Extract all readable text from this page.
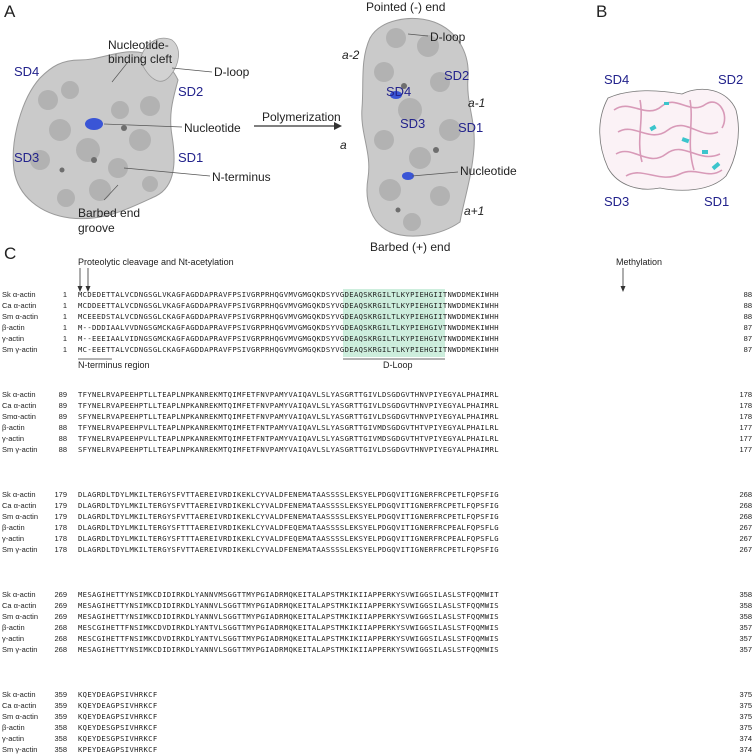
A
SD4
SD2
SD3	SD1
Nucleotide-
binding cleft
D-loop
Nucleotide
N-terminus
Barbed end
groove
Polymerization
Pointed (-) end
D-loop
a-2
SD2
SD4
a-1
SD3	SD1
a
Nucleotide
a+1
Barbed (+) end
B
SD4	SD2
SD3	SD1
C	Proteolytic cleavage and Nt-acetylation	Methylation
Sk α-actin	1 MCDEDETTALVCDNGSGLVKAGFAGDDAPRAVFPSIVGRPRHQGVMVGMGQKDSYVGDEAQSKRGILTLKYPIEHGIITNWDDMEKIWHH	88
Ca α-actin	1 MCDDEETTALVCDNGSGLVKAGFAGDDAPRAVFPSIVGRPRHQGVMVGMGQKDSYVGDEAQSKRGILTLKYPIEHGIITNWDDMEKIWHH	88
Sm α-actin	1 MCEEEDSTALVCDNGSGLCKAGFAGDDAPRAVFPSIVGRPRHQGVMVGMGQKDSYVGDEAQSKRGILTLKYPIEHGIITNWDDMEKIWHH	88
β-actin	1 M--DDDIAALVVDNGSGMCKAGFAGDDAPRAVFPSIVGRPRHQGVMVGMGQKDSYVGDEAQSKRGILTLKYPIEHGIVTNWDDMEKIWHH	87
γ-actin	1 M--EEEIAALVIDNGSGMCKAGFAGDDAPRAVFPSIVGRPRHQGVMVGMGQKDSYVGDEAQSKRGILTLKYPIEHGIVTNWDDMEKIWHH	87
Sm γ-actin	1 MC-EEETTALVCDNGSGLCKAGFAGDDAPRAVFPSIVGRPRHQGVMVGMGQKDSYVGDEAQSKRGILTLKYPIEHGIITNWDDMEKIWHH	87
Sk α-actin	89 TFYNELRVAPEEHPTLLTEAPLNPKANREKMTQIMFETFNVPAMYVAIQAVLSLYASGRTTGIVLDSGDGVTHNVPIYEGYALPHAIMRL	178
Ca α-actin	89 TFYNELRVAPEEHPTLLTEAPLNPKANREKMTQIMFETFNVPAMYVAIQAVLSLYASGRTTGIVLDSGDGVTHNVPIYEGYALPHAIMRL	178
Smα-actin	89 SFYNELRVAPEEHPTLLTEAPLNPKANREKMTQIMFETFNVPAMYVAIQAVLSLYASGRTTGIVLDSGDGVTHNVPIYEGYALPHAIMRL	178
β-actin	88 TFYNELRVAPEEHPVLLTEAPLNPKANREKMTQIMFETFNTPAMYVAIQAVLSLYASGRTTGIVMDSGDGVTHTVPIYEGYALPHAILRL	177
γ-actin	88 TFYNELRVAPEEHPVLLTEAPLNPKANREKMTQIMFETFNTPAMYVAIQAVLSLYASGRTTGIVMDSGDGVTHTVPIYEGYALPHAILRL	177
Sm γ-actin	88 SFYNELRVAPEEHPTLLTEAPLNPKANREKMTQIMFETFNVPAMYVAIQAVLSLYASGRTTGIVLDSGDGVTHNVPIYEGYALPHAIMRL	177
Sk α-actin	179 DLAGRDLTDYLMKILTERGYSFVTTAEREIVRDIKEKLCYVALDFENEMATAASSSSLEKSYELPDGQVITIGNERFRCPETLFQPSFIG	268
Ca α-actin	179 DLAGRDLTDYLMKILTERGYSFVTTAEREIVRDIKEKLCYVALDFENEMATAASSSSLEKSYELPDGQVITIGNERFRCPETLFQPSFIG	268
Sm α-actin	179 DLAGRDLTDYLMKILTERGYSFVTTAEREIVRDIKEKLCYVALDFENEMATAASSSSLEKSYELPDGQVITIGNERFRCPETLFQPSFIG	268
β-actin	178 DLAGRDLTDYLMKILTERGYSFTTTAEREIVRDIKEKLCYVALDFEQEMATAASSSSLEKSYELPDGQVITIGNERFRCPEALFQPSFLG	267
γ-actin	178 DLAGRDLTDYLMKILTERGYSFTTTAEREIVRDIKEKLCYVALDFEQEMATAASSSSLEKSYELPDGQVITIGNERFRCPEALFQPSFLG	267
Sm γ-actin	178 DLAGRDLTDYLMKILTERGYSFVTTAEREIVRDIKEKLCYVALDFENEMATAASSSSLEKSYELPDGQVITIGNERFRCPETLFQPSFIG	267
Sk α-actin	269 MESAGIHETTYNSIMKCDIDIRKDLYANNVMSGGTTMYPGIADRMQKEITALAPSTMKIKIIAPPERKYSVWIGGSILASLSTFQQMWIT	358
Ca α-actin	269 MESAGIHETTYNSIMKCDIDIRKDLYANNVLSGGTTMYPGIADRMQKEITALAPSTMKIKIIAPPERKYSVWIGGSILASLSTFQQMWIS	358
Sm α-actin	269 MESAGIHETTYNSIMKCDIDIRKDLYANNVLSGGTTMYPGIADRMQKEITALAPSTMKIKIIAPPERKYSVWIGGSILASLSTFQQMWIS	358
β-actin	268 MESCGIHETTFNSIMKCDVDIRKDLYANTVLSGGTTMYPGIADRMQKEITALAPSTMKIKIIAPPERKYSVWIGGSILASLSTFQQMWIS	357
γ-actin	268 MESCGIHETTFNSIMKCDVDIRKDLYANTVLSGGTTMYPGIADRMQKEITALAPSTMKIKIIAPPERKYSVWIGGSILASLSTFQQMWIS	357
Sm γ-actin	268 MESAGIHETTYNSIMKCDIDIRKDLYANNVLSGGTTMYPGIADRMQKEITALAPSTMKIKIIAPPERKYSVWIGGSILASLSTFQQMWIS	357
Sk α-actin	359 KQEYDEAGPSIVHRKCF	375
Ca α-actin	359 KQEYDEAGPSIVHRKCF	375
Sm α-actin	359 KQEYDEAGPSIVHRKCF	375
β-actin	358 KQEYDESGPSIVHRKCF	375
γ-actin	358 KQEYDESGPSIVHRKCF	374
Sm γ-actin	358 KPEYDEAGPSIVHRKCF	374
N-terminus region	D-Loop
